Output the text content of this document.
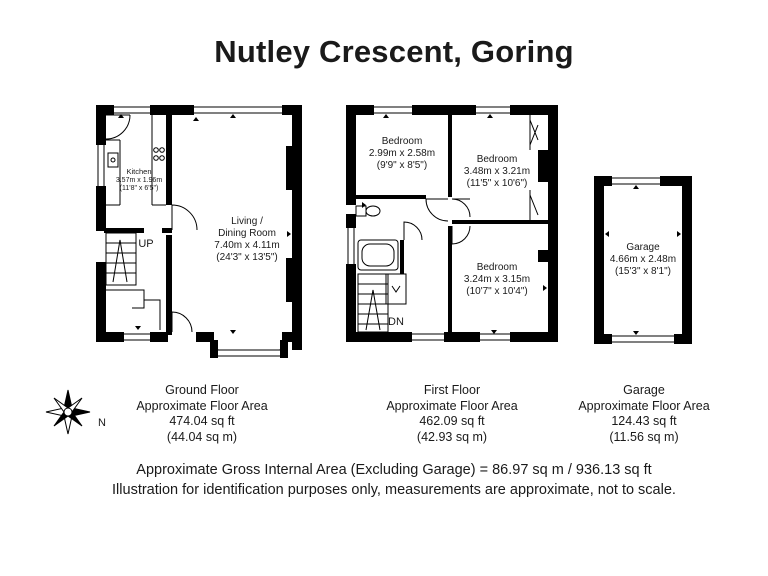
Nutley Crescent, Goring
Kitchen
3.57m x 1.96m
(11'8" x 6'5")
Living /
Dining Room
7.40m x 4.11m
(24'3" x 13'5")
UP
Bedroom
2.99m x 2.58m
(9'9" x 8'5")
Bedroom
3.48m x 3.21m
(11'5" x 10'6")
Bedroom
3.24m x 3.15m
(10'7" x 10'4")
DN
Garage
4.66m x 2.48m
(15'3" x 8'1")
N
Ground Floor
Approximate Floor Area
474.04 sq ft
(44.04 sq m)
First Floor
Approximate Floor Area
462.09 sq ft
(42.93 sq m)
Garage
Approximate Floor Area
124.43 sq ft
(11.56 sq m)
Approximate Gross Internal Area (Excluding Garage) = 86.97 sq m / 936.13 sq ft
Illustration for identification purposes only, measurements are approximate, not to scale.
